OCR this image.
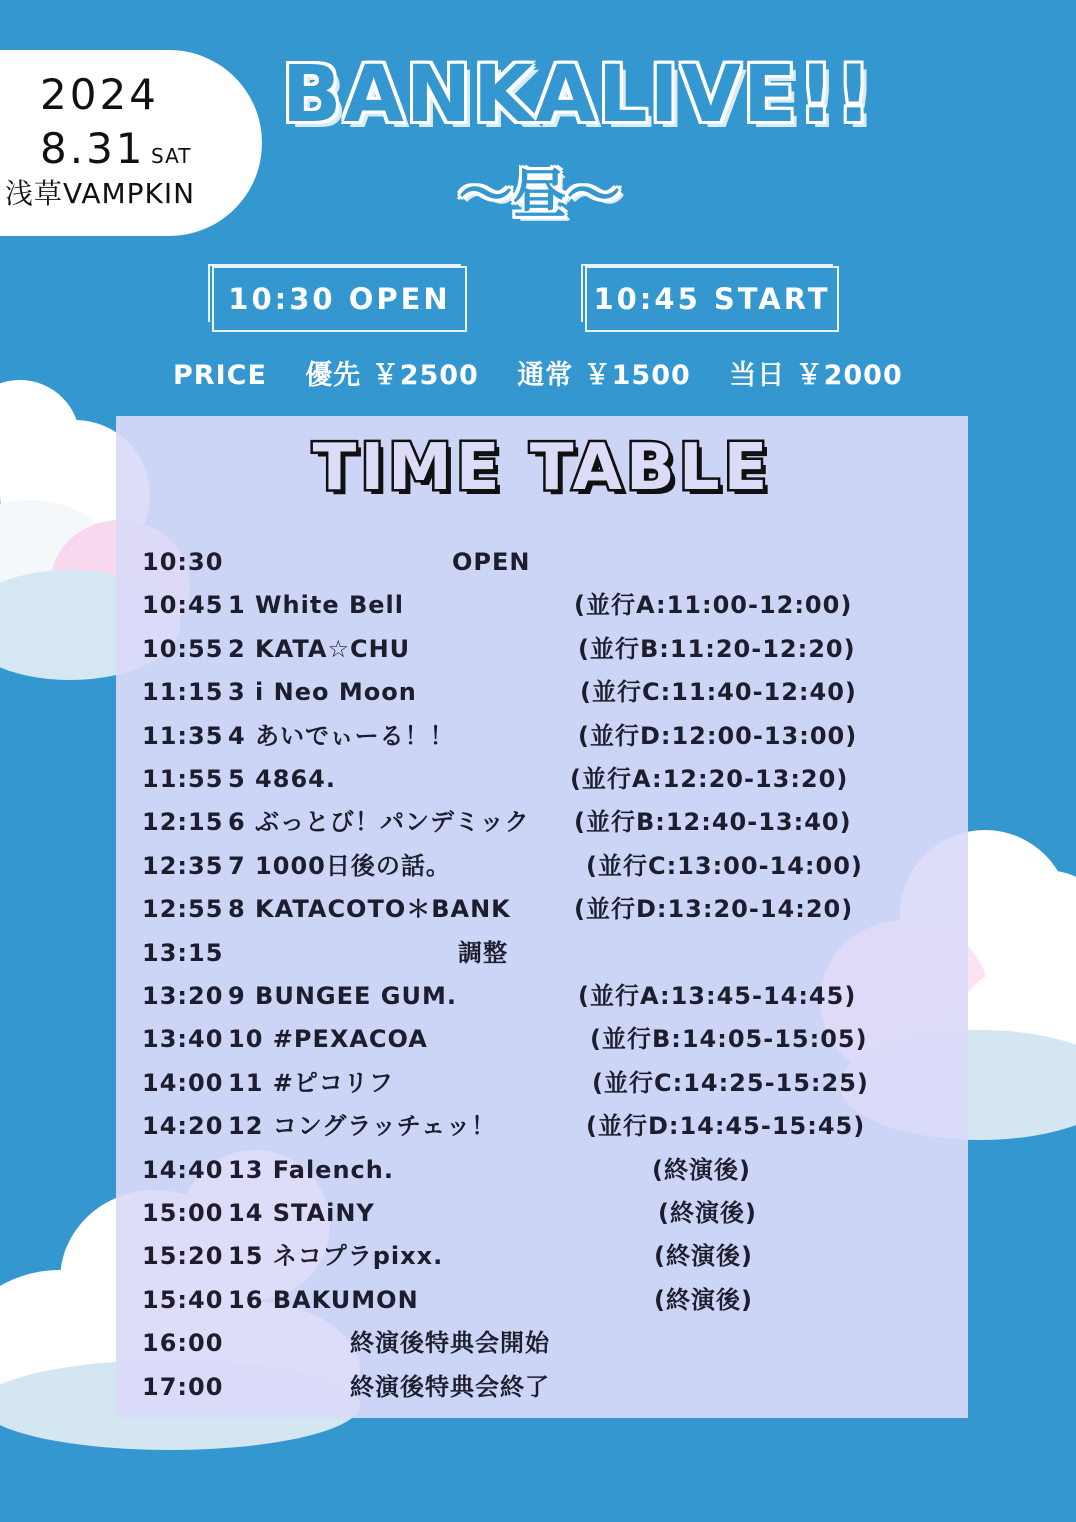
2024
8.31 SAT
浅草VAMPKIN
BANKALIVE!!
〜昼〜
10:30 OPEN	10:45 START
PRICE 優先 ￥2500 通常 ￥1500 当日 ￥2000
TIME TABLE
10:30	OPEN
10:45 1 White Bell	(並行A:11:00-12:00)
10:55 2 KATA☆CHU	(並行B:11:20-12:20)
11:15 3 i Neo Moon	(並行C:11:40-12:40)
11:35 4 あいでぃーる！！	(並行D:12:00-13:00)
11:55 5 4864.	(並行A:12:20-13:20)
12:15 6 ぶっとび！パンデミック (並行B:12:40-13:40)
12:35 7 1000日後の話。	(並行C:13:00-14:00)
12:55 8 KATACOTO＊BANK	(並行D:13:20-14:20)
13:15	調整
13:20 9 BUNGEE GUM.	(並行A:13:45-14:45)
13:40 10 #PEXACOA	(並行B:14:05-15:05)
14:00 11 #ピコリフ	(並行C:14:25-15:25)
14:20 12 コングラッチェッ！	(並行D:14:45-15:45)
14:40 13 Falench.	(終演後)
15:00 14 STAiNY	(終演後)
15:20 15 ネコプラpixx.	(終演後)
15:40 16 BAKUMON	(終演後)
16:00	終演後特典会開始
17:00	終演後特典会終了
